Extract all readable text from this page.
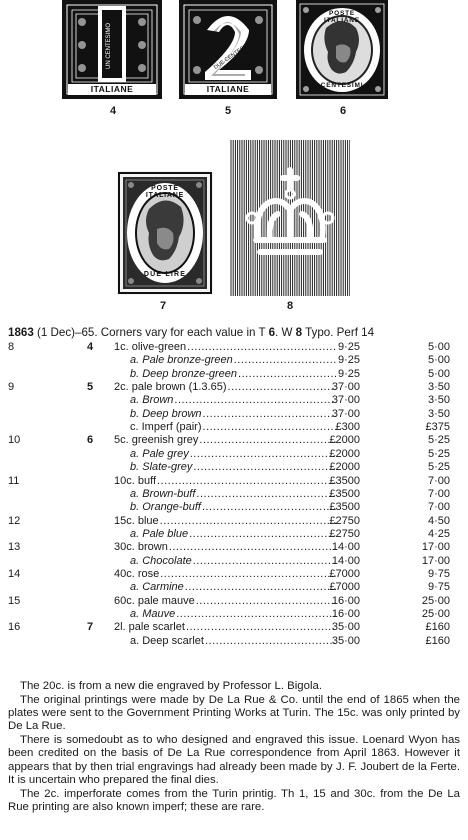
UN CENTESIMO
ITALIANE
4
DUE CENTESIMI
ITALIANE
5
POSTE ITALIANE
CENTESIMI
6
POSTE ITALIANE
DUE LIRE
7	8
1863 (1 Dec)–65. Corners vary for each value in T 6. W 8 Typo. Perf 14
8	4 1c. olive-green .....	9·25	5·00
a. Pale bronze-green .....	9·25	5·00
b. Deep bronze-green .....	9·25	5·00
9	5 2c. pale brown (1.3.65) .....	37·00	3·50
a. Brown .....	37·00	3·50
b. Deep brown .....	37·00	3·50
c. Imperf (pair) .....	£300	£375
10	6 5c. greenish grey .....	£2000	5·25
a. Pale grey .....	£2000	5·25
b. Slate-grey .....	£2000	5·25
11	10c. buff .....	£3500	7·00
a. Brown-buff .....	£3500	7·00
b. Orange-buff .....	£3500	7·00
12	15c. blue .....	£2750	4·50
a. Pale blue .....	£2750	4·25
13	30c. brown .....	14·00	17·00
a. Chocolate .....	14·00	17·00
14	40c. rose .....	£7000	9·75
a. Carmine .....	£7000	9·75
15	60c. pale mauve .....	16·00	25·00
a. Mauve .....	16·00	25·00
16	7 2l. pale scarlet .....	35·00	£160
a. Deep scarlet .....	35·00	£160

The 20c. is from a new die engraved by Professor L. Bigola.

The original printings were made by De La Rue & Co. until the end of 1865 when the plates were sent to the Government Printing Works at Turin. The 15c. was only printed by De La Rue.

There is somedoubt as to who designed and engraved this issue. Loenard Wyon has been credited on the basis of De La Rue correspondence from April 1863. However it appears that by then trial engravings had already been made by J. F. Joubert de la Ferte. It is uncertain who prepared the final dies.

The 2c. imperforate comes from the Turin printig. Th 1, 15 and 30c. from the De La Rue printing are also known imperf; these are rare.
